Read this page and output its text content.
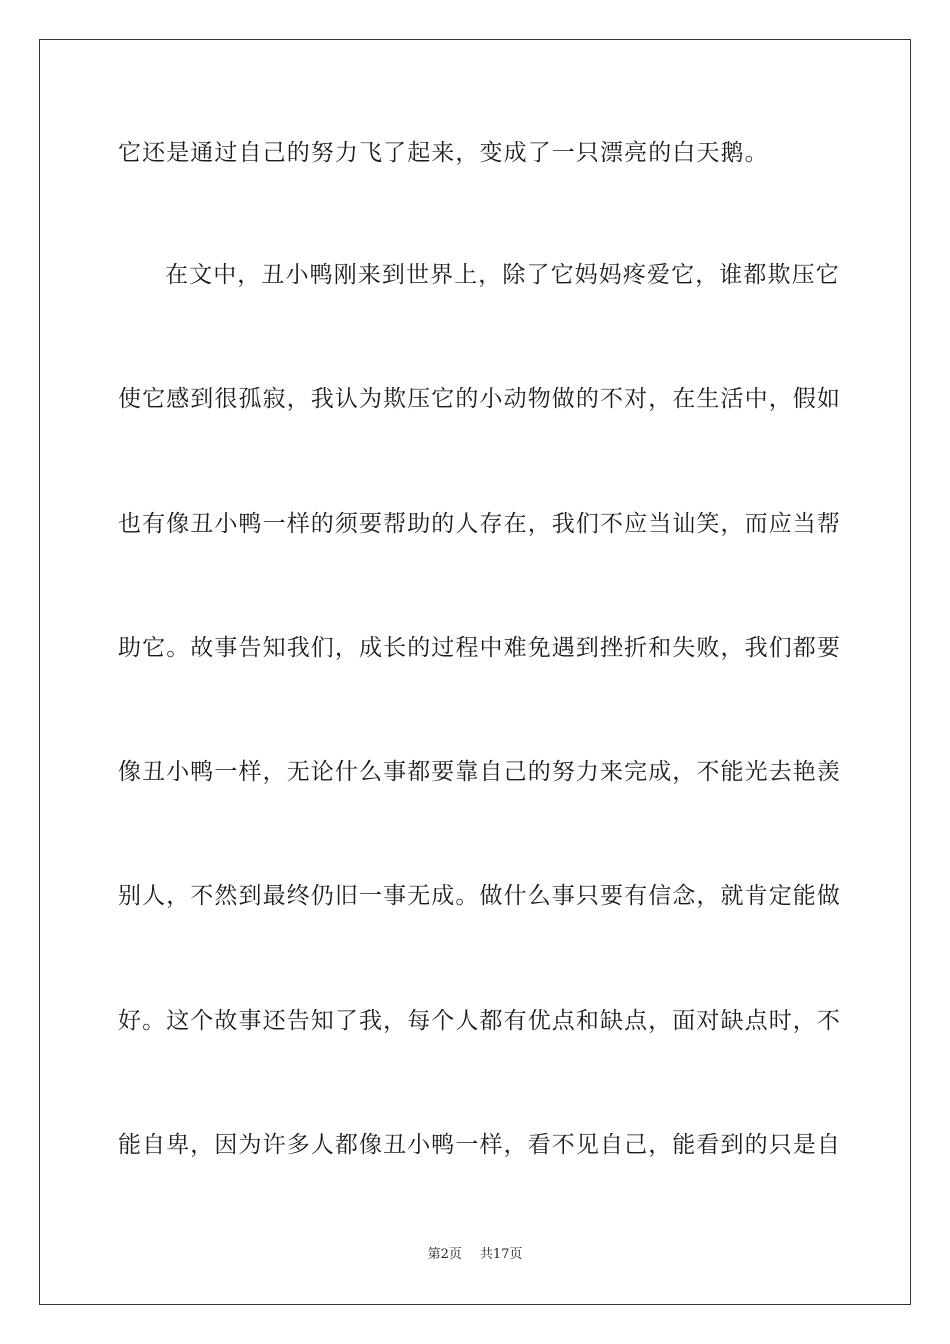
它还是通过自己的努力飞了起来，变成了一只漂亮的白天鹅。
在文中，丑小鸭刚来到世界上，除了它妈妈疼爱它，谁都欺压它
使它感到很孤寂，我认为欺压它的小动物做的不对，在生活中，假如
也有像丑小鸭一样的须要帮助的人存在，我们不应当讪笑，而应当帮
助它。故事告知我们，成长的过程中难免遇到挫折和失败，我们都要
像丑小鸭一样，无论什么事都要靠自己的努力来完成，不能光去艳羡
别人，不然到最终仍旧一事无成。做什么事只要有信念，就肯定能做
好。这个故事还告知了我，每个人都有优点和缺点，面对缺点时，不
能自卑，因为许多人都像丑小鸭一样，看不见自己，能看到的只是自
第2页 共17页
